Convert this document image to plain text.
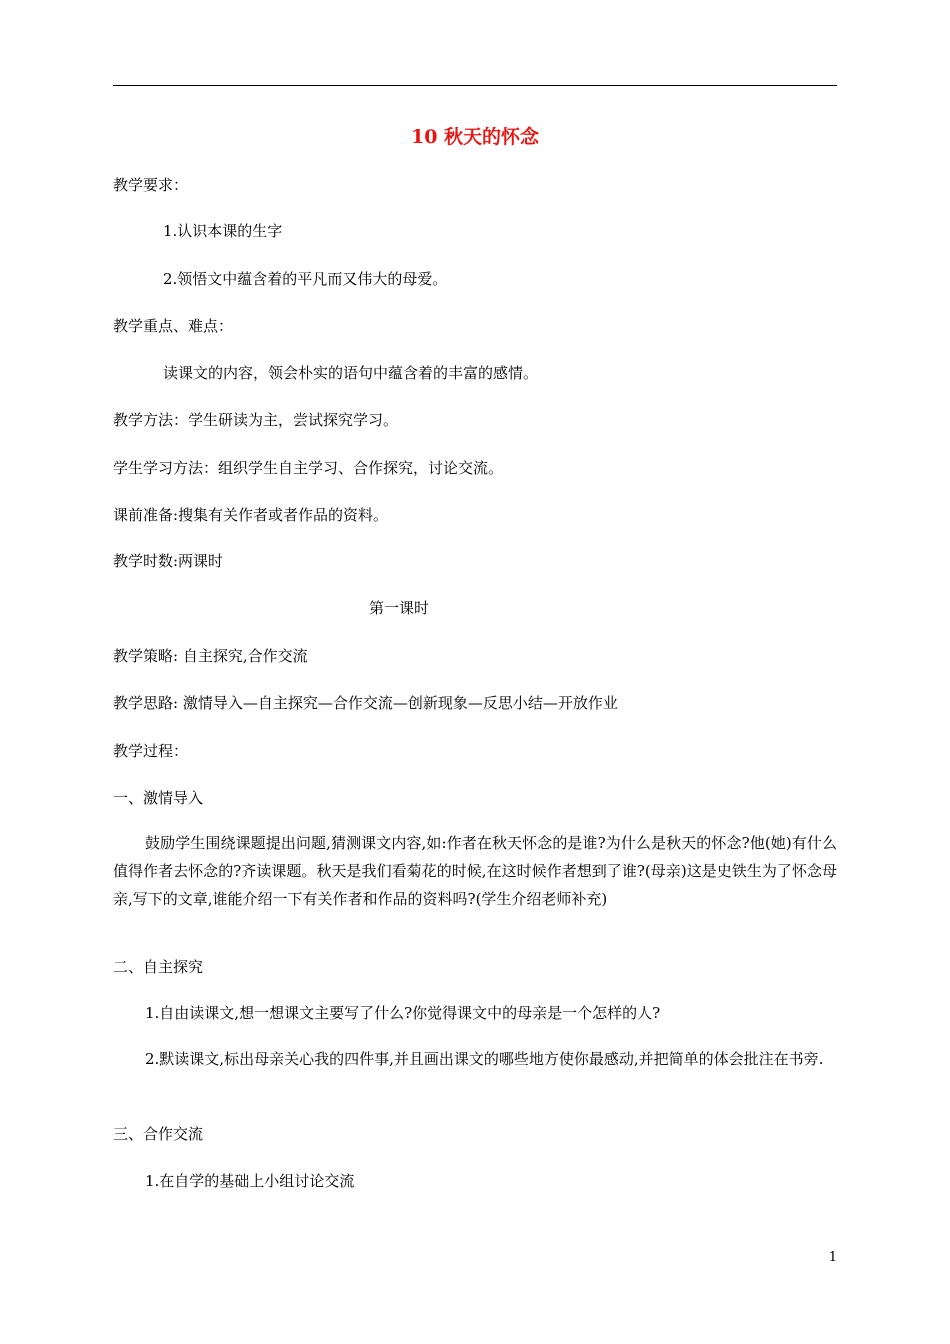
10 秋天的怀念
教学要求：
1.认识本课的生字
2.领悟文中蕴含着的平凡而又伟大的母爱。
教学重点、难点：
读课文的内容，领会朴实的语句中蕴含着的丰富的感情。
教学方法：学生研读为主，尝试探究学习。
学生学习方法：组织学生自主学习、合作探究，讨论交流。
课前准备:搜集有关作者或者作品的资料。
教学时数:两课时
第一课时
教学策略: 自主探究,合作交流
教学思路: 激情导入—自主探究—合作交流—创新现象—反思小结—开放作业
教学过程：
一、激情导入
鼓励学生围绕课题提出问题,猜测课文内容,如:作者在秋天怀念的是谁?为什么是秋天的怀念?他(她)有什么值得作者去怀念的?齐读课题。秋天是我们看菊花的时候,在这时候作者想到了谁?(母亲)这是史铁生为了怀念母亲,写下的文章,谁能介绍一下有关作者和作品的资料吗?(学生介绍老师补充)
二、自主探究
1.自由读课文,想一想课文主要写了什么?你觉得课文中的母亲是一个怎样的人?
2.默读课文,标出母亲关心我的四件事,并且画出课文的哪些地方使你最感动,并把简单的体会批注在书旁.
三、合作交流
1.在自学的基础上小组讨论交流
1
